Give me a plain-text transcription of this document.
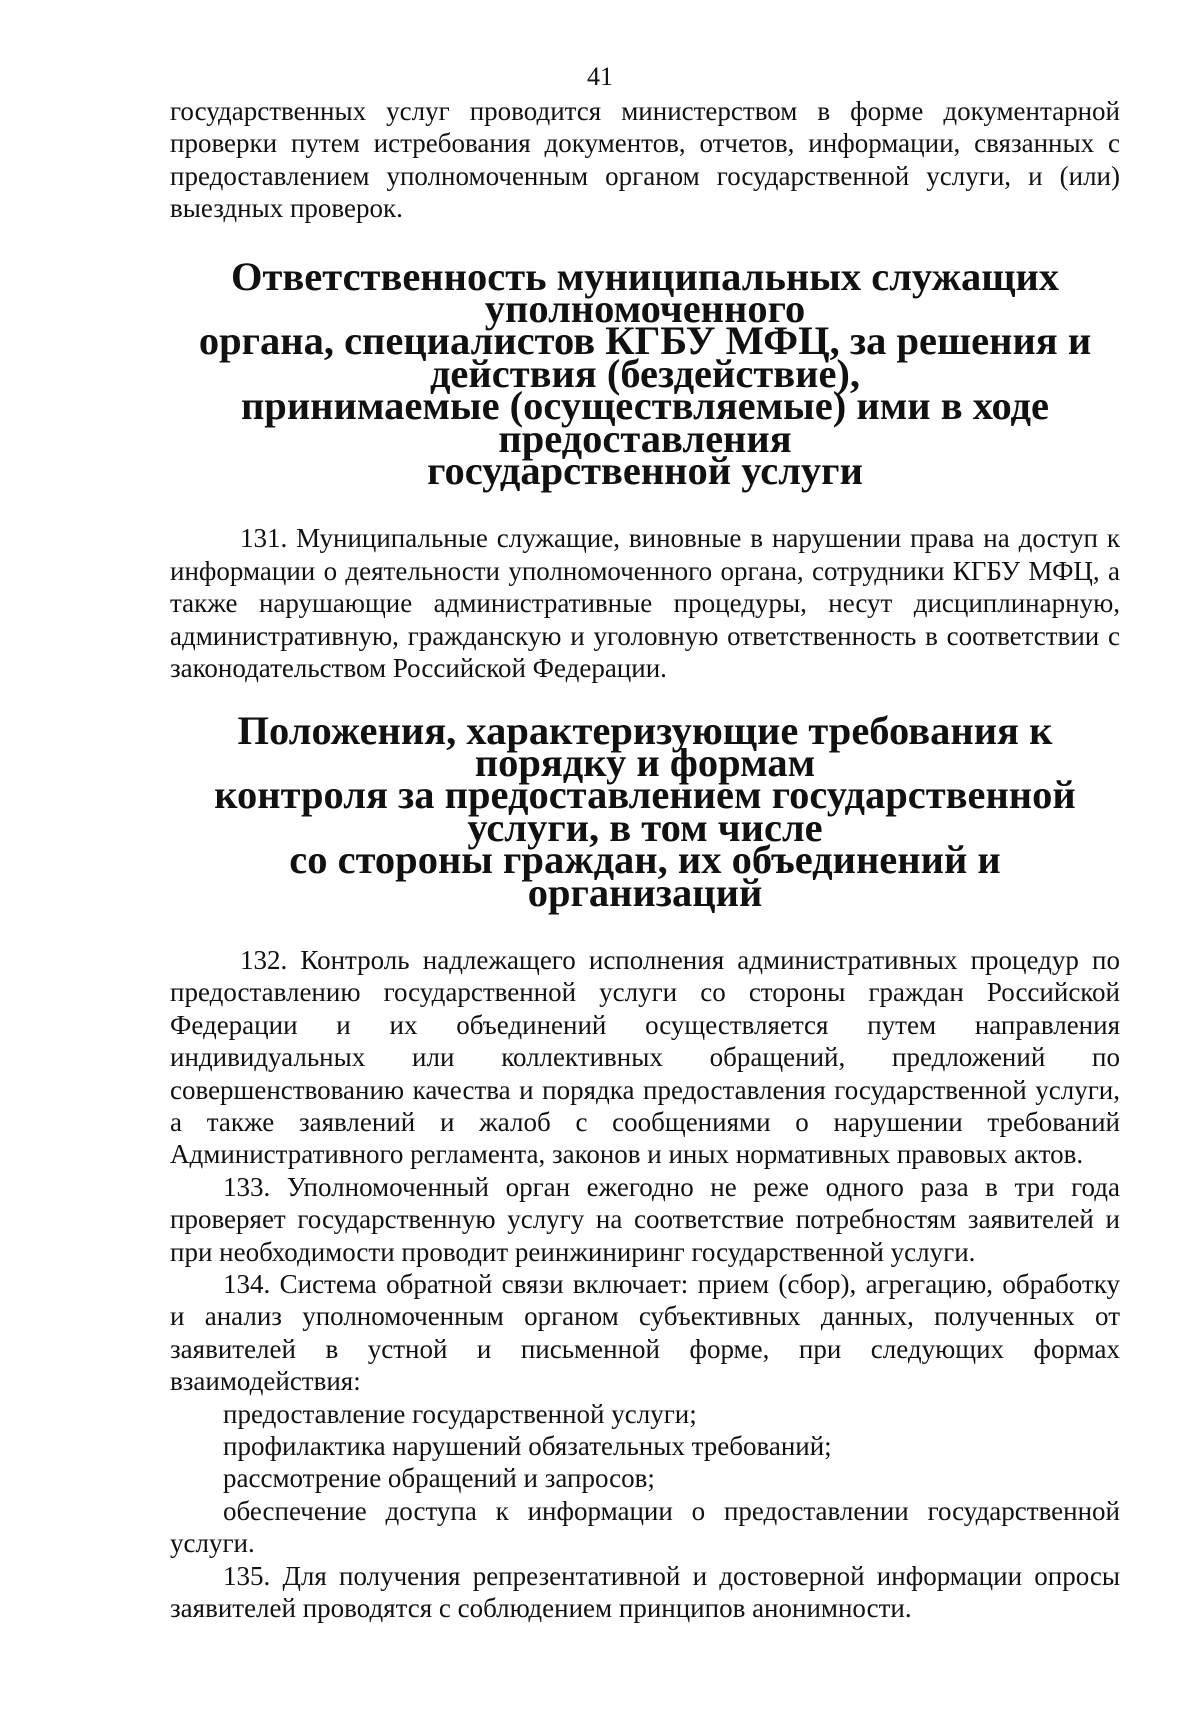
41

государственных услуг проводится министерством в форме документарной проверки путем истребования документов, отчетов, информации, связанных с предоставлением уполномоченным органом государственной услуги, и (или) выездных проверок.

Ответственность муниципальных служащих уполномоченного
органа, специалистов КГБУ МФЦ, за решения и действия (бездействие),
принимаемые (осуществляемые) ими в ходе предоставления
государственной услуги

131. Муниципальные служащие, виновные в нарушении права на доступ к информации о деятельности уполномоченного органа, сотрудники КГБУ МФЦ, а также нарушающие административные процедуры, несут дисциплинарную, административную, гражданскую и уголовную ответственность в соответствии с законодательством Российской Федерации.

Положения, характеризующие требования к порядку и формам
контроля за предоставлением государственной услуги, в том числе
со стороны граждан, их объединений и организаций

132. Контроль надлежащего исполнения административных процедур по предоставлению государственной услуги со стороны граждан Российской Федерации и их объединений осуществляется путем направления индивидуальных или коллективных обращений, предложений по совершенствованию качества и порядка предоставления государственной услуги, а также заявлений и жалоб с сообщениями о нарушении требований Административного регламента, законов и иных нормативных правовых актов.

133. Уполномоченный орган ежегодно не реже одного раза в три года проверяет государственную услугу на соответствие потребностям заявителей и при необходимости проводит реинжиниринг государственной услуги.

134. Система обратной связи включает: прием (сбор), агрегацию, обработку и анализ уполномоченным органом субъективных данных, полученных от заявителей в устной и письменной форме, при следующих формах взаимодействия:

предоставление государственной услуги;

профилактика нарушений обязательных требований;

рассмотрение обращений и запросов;

обеспечение доступа к информации о предоставлении государственной услуги.

135. Для получения репрезентативной и достоверной информации опросы заявителей проводятся с соблюдением принципов анонимности.
